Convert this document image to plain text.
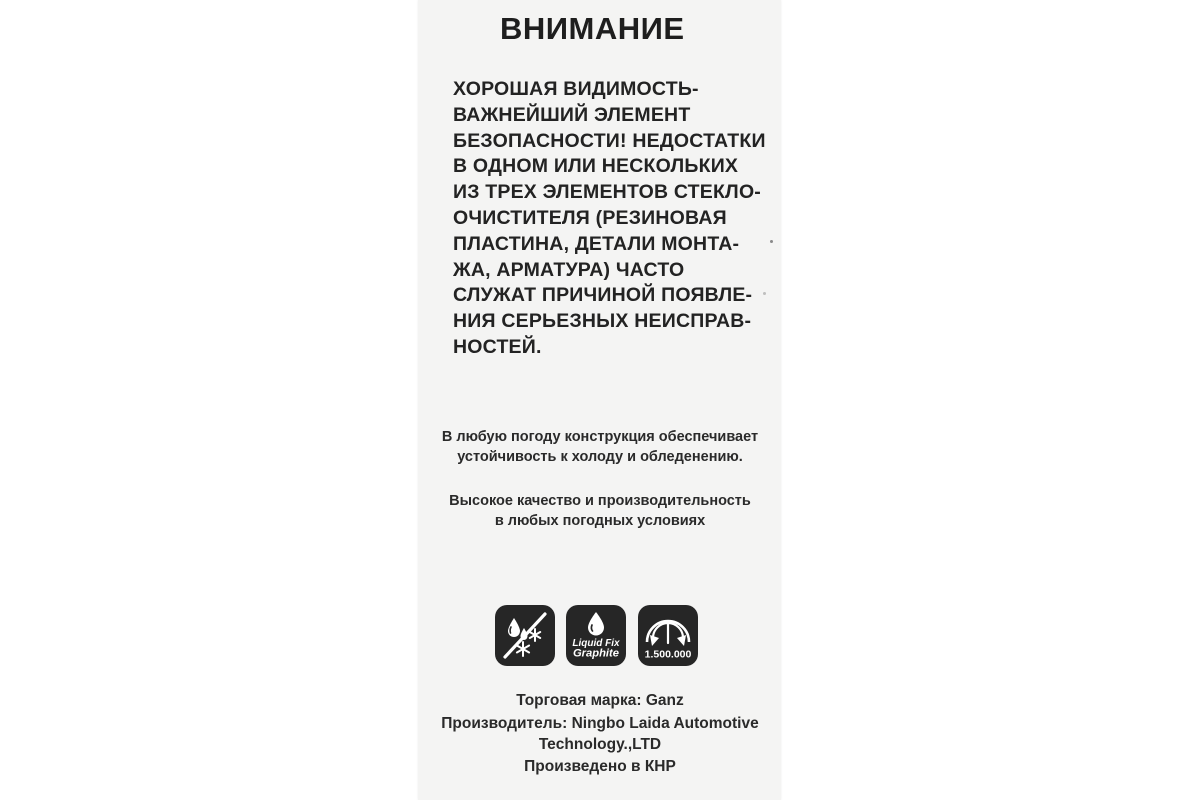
ВНИМАНИЕ

ХОРОШАЯ ВИДИМОСТЬ-
ВАЖНЕЙШИЙ ЭЛЕМЕНТ
БЕЗОПАСНОСТИ! НЕДОСТАТКИ
В ОДНОМ ИЛИ НЕСКОЛЬКИХ
ИЗ ТРЕХ ЭЛЕМЕНТОВ СТЕКЛО-
ОЧИСТИТЕЛЯ (РЕЗИНОВАЯ
ПЛАСТИНА, ДЕТАЛИ МОНТА-
ЖА, АРМАТУРА) ЧАСТО
СЛУЖАТ ПРИЧИНОЙ ПОЯВЛЕ-
НИЯ СЕРЬЕЗНЫХ НЕИСПРАВ-
НОСТЕЙ.

В любую погоду конструкция обеспечивает
устойчивость к холоду и обледенению.

Высокое качество и производительность
в любых погодных условиях

Liquid Fix
Graphite 1.500.000

Торговая марка: Ganz

Производитель: Ningbo Laida Automotive

Technology.,LTD

Произведено в КНР
